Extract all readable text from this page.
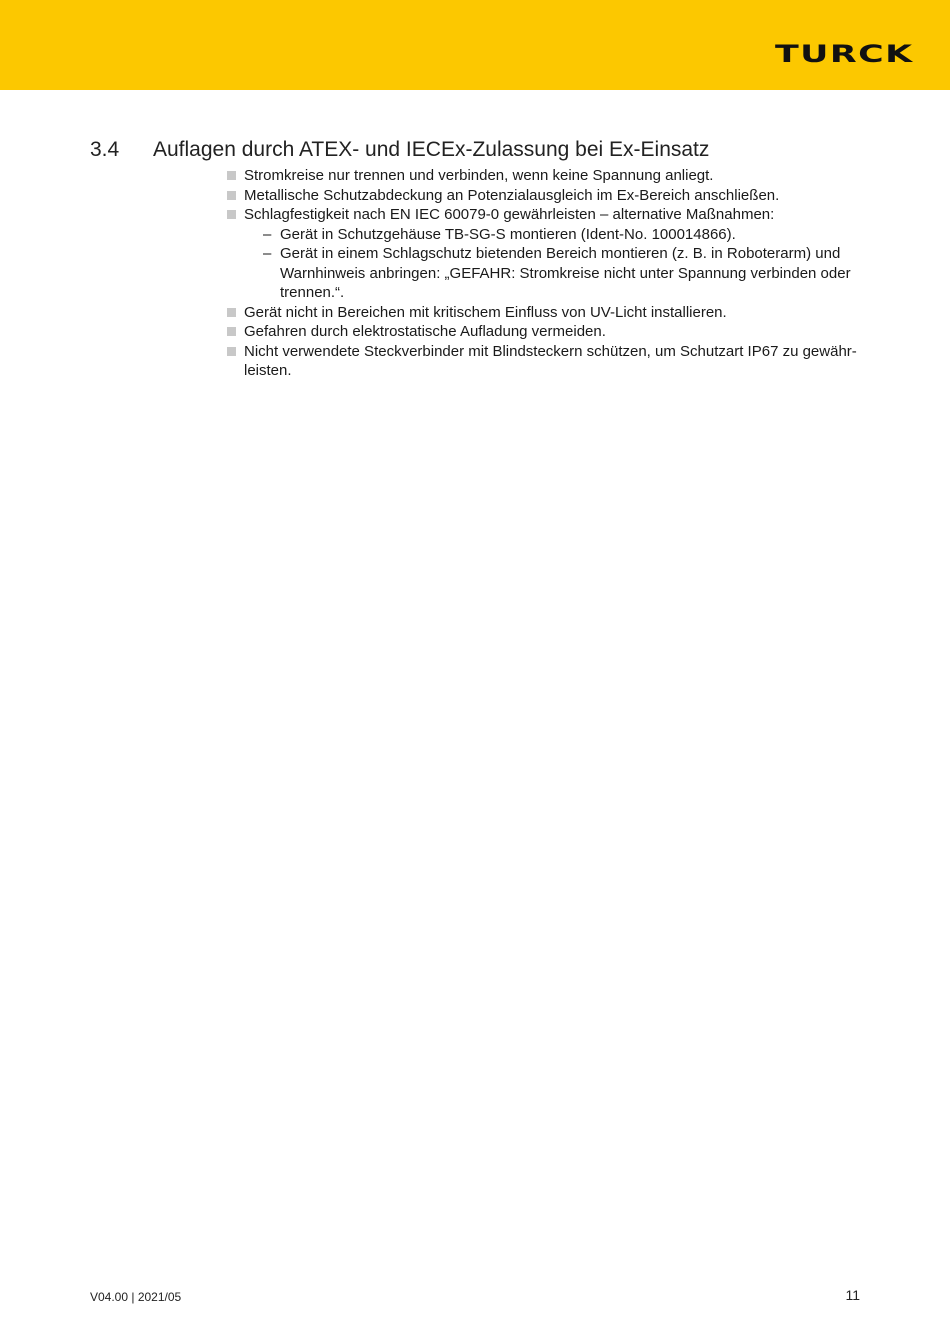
TURCK
3.4	Auflagen durch ATEX- und IECEx-Zulassung bei Ex-Einsatz
Stromkreise nur trennen und verbinden, wenn keine Spannung anliegt.
Metallische Schutzabdeckung an Potenzialausgleich im Ex-Bereich anschließen.
Schlagfestigkeit nach EN IEC 60079-0 gewährleisten – alternative Maßnahmen:
– Gerät in Schutzgehäuse TB-SG-S montieren (Ident-No. 100014866).
– Gerät in einem Schlagschutz bietenden Bereich montieren (z. B. in Roboterarm) und Warnhinweis anbringen: „GEFAHR: Stromkreise nicht unter Spannung verbinden oder trennen.“.
Gerät nicht in Bereichen mit kritischem Einfluss von UV-Licht installieren.
Gefahren durch elektrostatische Aufladung vermeiden.
Nicht verwendete Steckverbinder mit Blindsteckern schützen, um Schutzart IP67 zu gewähr-leisten.
V04.00 | 2021/05	11
